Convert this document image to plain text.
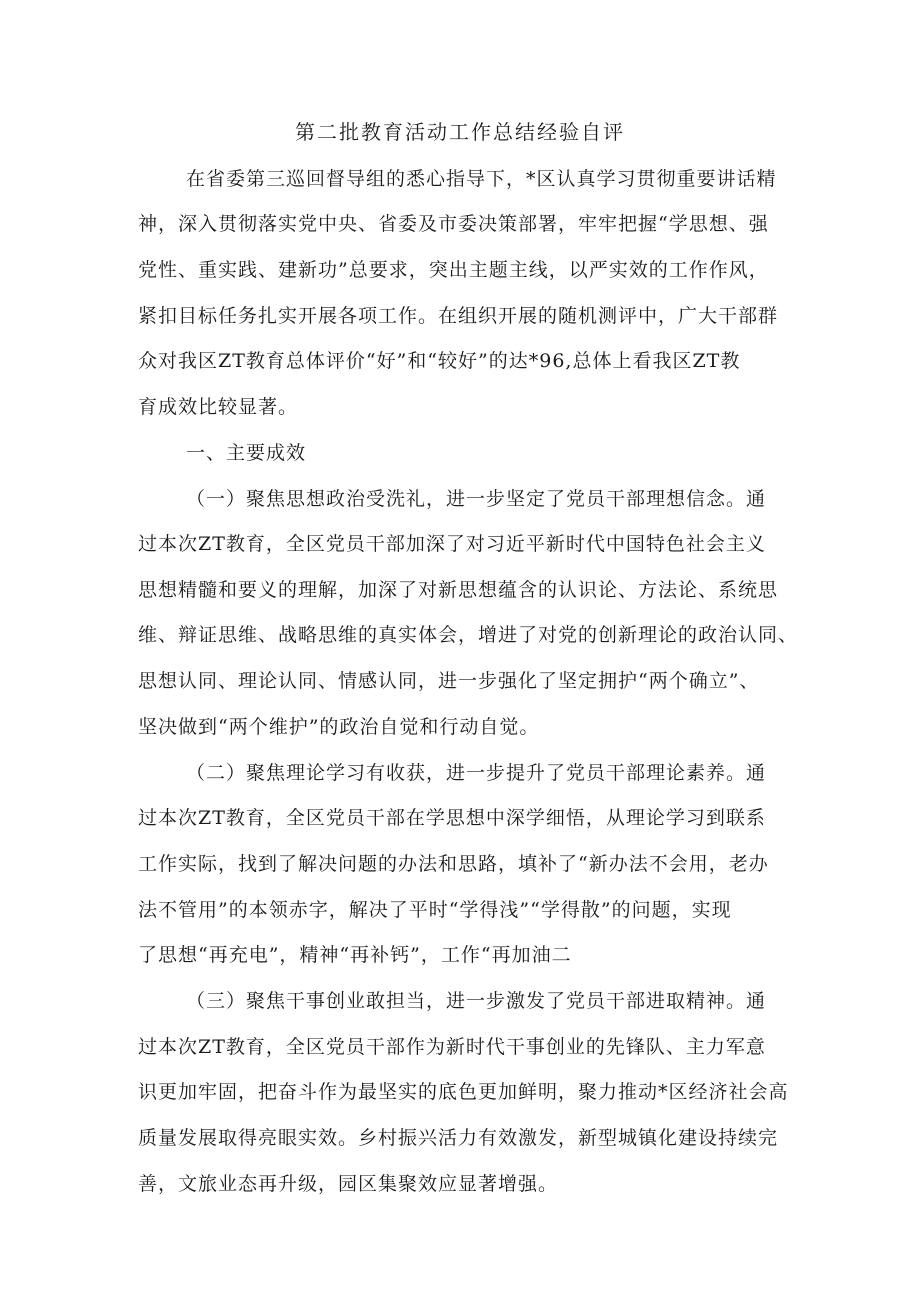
第二批教育活动工作总结经验自评
在省委第三巡回督导组的悉心指导下，*区认真学习贯彻重要讲话精
神，深入贯彻落实党中央、省委及市委决策部署，牢牢把握“学思想、强
党性、重实践、建新功”总要求，突出主题主线，以严实效的工作作风，
紧扣目标任务扎实开展各项工作。在组织开展的随机测评中，广大干部群
众对我区ZT教育总体评价“好”和“较好”的达*96,总体上看我区ZT教
育成效比较显著。
一、主要成效
（一）聚焦思想政治受洗礼，进一步坚定了党员干部理想信念。通
过本次ZT教育，全区党员干部加深了对习近平新时代中国特色社会主义
思想精髓和要义的理解，加深了对新思想蕴含的认识论、方法论、系统思
维、辩证思维、战略思维的真实体会，增进了对党的创新理论的政治认同、
思想认同、理论认同、情感认同，进一步强化了坚定拥护“两个确立”、
坚决做到“两个维护”的政治自觉和行动自觉。
（二）聚焦理论学习有收获，进一步提升了党员干部理论素养。通
过本次ZT教育，全区党员干部在学思想中深学细悟，从理论学习到联系
工作实际，找到了解决问题的办法和思路，填补了“新办法不会用，老办
法不管用”的本领赤字，解决了平时“学得浅”“学得散”的问题，实现
了思想“再充电”，精神“再补钙”，工作“再加油二
（三）聚焦干事创业敢担当，进一步激发了党员干部进取精神。通
过本次ZT教育，全区党员干部作为新时代干事创业的先锋队、主力军意
识更加牢固，把奋斗作为最坚实的底色更加鲜明，聚力推动*区经济社会高
质量发展取得亮眼实效。乡村振兴活力有效激发，新型城镇化建设持续完
善，文旅业态再升级，园区集聚效应显著增强。
